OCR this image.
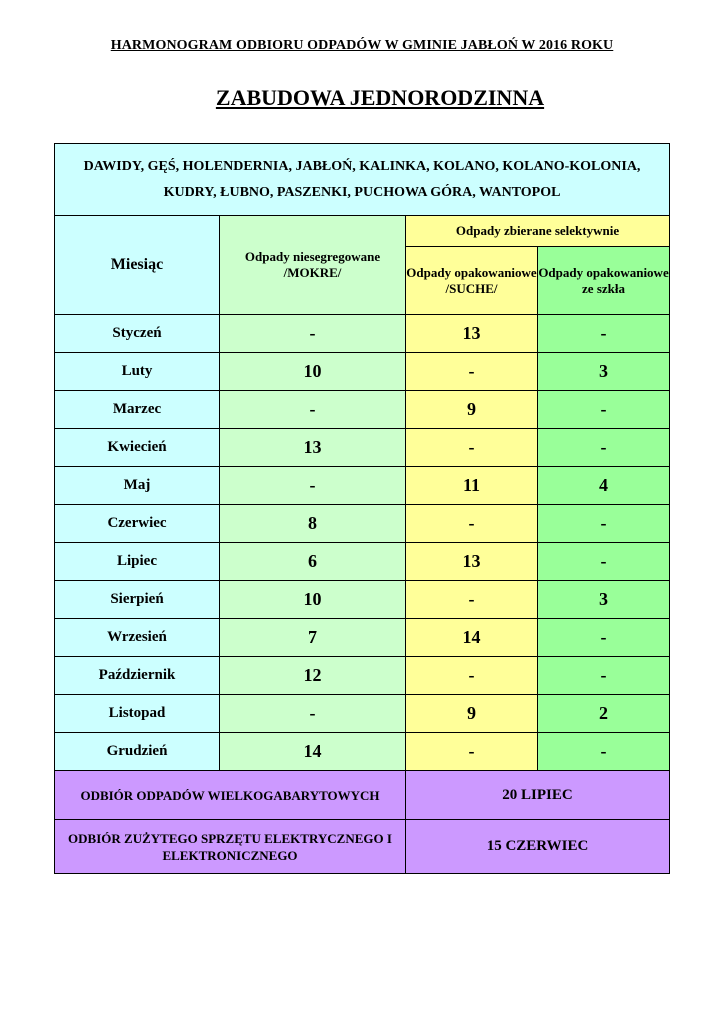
HARMONOGRAM ODBIORU ODPADÓW W GMINIE JABŁOŃ W 2016 ROKU
ZABUDOWA JEDNORODZINNA
DAWIDY, GĘŚ, HOLENDERNIA, JABŁOŃ, KALINKA, KOLANO, KOLANO-KOLONIA, KUDRY, ŁUBNO, PASZENKI, PUCHOWA GÓRA, WANTOPOL			
Miesiąc	Odpady niesegregowane /MOKRE/	Odpady zbierane selektywnie	
		Odpady opakowaniowe /SUCHE/	Odpady opakowaniowe ze szkła
Styczeń	-	13	-
Luty	10	-	3
Marzec	-	9	-
Kwiecień	13	-	-
Maj	-	11	4
Czerwiec	8	-	-
Lipiec	6	13	-
Sierpień	10	-	3
Wrzesień	7	14	-
Październik	12	-	-
Listopad	-	9	2
Grudzień	14	-	-
ODBIÓR ODPADÓW WIELKOGABARYTOWYCH		20 LIPIEC	
ODBIÓR ZUŻYTEGO SPRZĘTU ELEKTRYCZNEGO I ELEKTRONICZNEGO		15 CZERWIEC	
